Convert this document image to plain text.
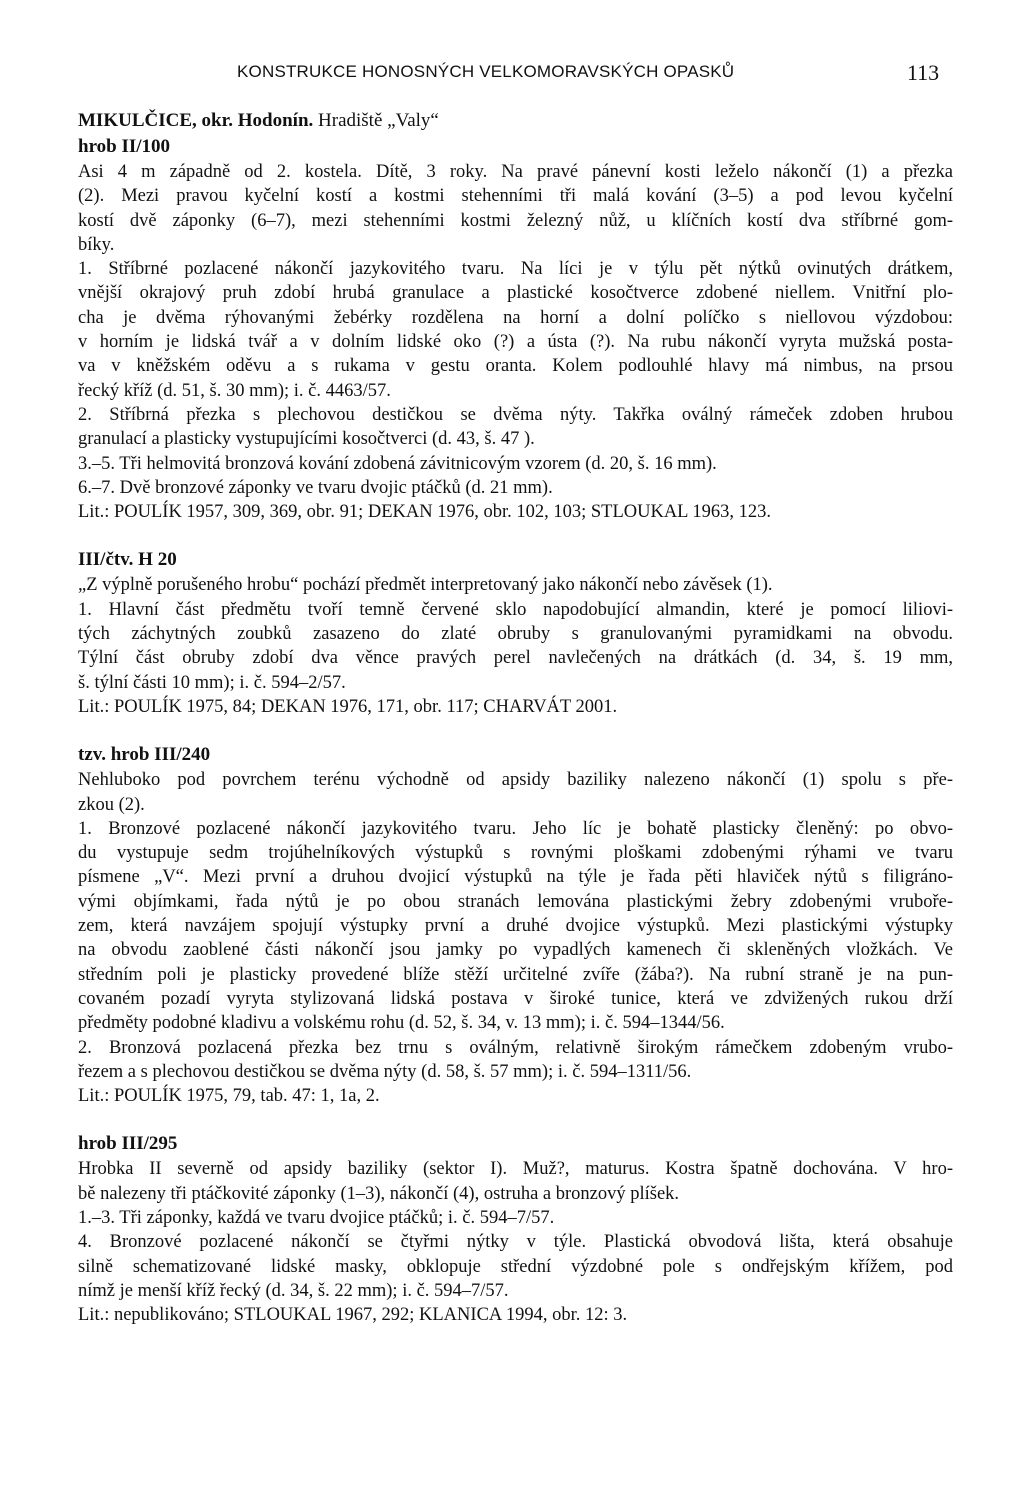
KONSTRUKCE HONOSNÝCH VELKOMORAVSKÝCH OPASKŮ	113

MIKULČICE, okr. Hodonín. Hradiště „Valy“

hrob II/100

Asi 4 m západně od 2. kostela. Dítě, 3 roky. Na pravé pánevní kosti leželo nákončí (1) a přezka

(2). Mezi pravou kyčelní kostí a kostmi stehenními tři malá kování (3–5) a pod levou kyčelní

kostí dvě záponky (6–7), mezi stehenními kostmi železný nůž, u klíčních kostí dva stříbrné gom-

bíky.

1. Stříbrné pozlacené nákončí jazykovitého tvaru. Na líci je v týlu pět nýtků ovinutých drátkem,

vnější okrajový pruh zdobí hrubá granulace a plastické kosočtverce zdobené niellem. Vnitřní plo-

cha je dvěma rýhovanými žebérky rozdělena na horní a dolní políčko s niellovou výzdobou:

v horním je lidská tvář a v dolním lidské oko (?) a ústa (?). Na rubu nákončí vyryta mužská posta-

va v kněžském oděvu a s rukama v gestu oranta. Kolem podlouhlé hlavy má nimbus, na prsou

řecký kříž (d. 51, š. 30 mm); i. č. 4463/57.

2. Stříbrná přezka s plechovou destičkou se dvěma nýty. Takřka oválný rámeček zdoben hrubou

granulací a plasticky vystupujícími kosočtverci (d. 43, š. 47 ).

3.–5. Tři helmovitá bronzová kování zdobená závitnicovým vzorem (d. 20, š. 16 mm).

6.–7. Dvě bronzové záponky ve tvaru dvojic ptáčků (d. 21 mm).

Lit.: POULÍK 1957, 309, 369, obr. 91; DEKAN 1976, obr. 102, 103; STLOUKAL 1963, 123.

III/čtv. H 20

„Z výplně porušeného hrobu“ pochází předmět interpretovaný jako nákončí nebo závěsek (1).

1. Hlavní část předmětu tvoří temně červené sklo napodobující almandin, které je pomocí liliovi-

tých záchytných zoubků zasazeno do zlaté obruby s granulovanými pyramidkami na obvodu.

Týlní část obruby zdobí dva věnce pravých perel navlečených na drátkách (d. 34, š. 19 mm,

š. týlní části 10 mm); i. č. 594–2/57.

Lit.: POULÍK 1975, 84; DEKAN 1976, 171, obr. 117; CHARVÁT 2001.

tzv. hrob III/240

Nehluboko pod povrchem terénu východně od apsidy baziliky nalezeno nákončí (1) spolu s pře-

zkou (2).

1. Bronzové pozlacené nákončí jazykovitého tvaru. Jeho líc je bohatě plasticky členěný: po obvo-

du vystupuje sedm trojúhelníkových výstupků s rovnými ploškami zdobenými rýhami ve tvaru

písmene „V“. Mezi první a druhou dvojicí výstupků na týle je řada pěti hlaviček nýtů s filigráno-

vými objímkami, řada nýtů je po obou stranách lemována plastickými žebry zdobenými vruboře-

zem, která navzájem spojují výstupky první a druhé dvojice výstupků. Mezi plastickými výstupky

na obvodu zaoblené části nákončí jsou jamky po vypadlých kamenech či skleněných vložkách. Ve

středním poli je plasticky provedené blíže stěží určitelné zvíře (žába?). Na rubní straně je na pun-

covaném pozadí vyryta stylizovaná lidská postava v široké tunice, která ve zdvižených rukou drží

předměty podobné kladivu a volskému rohu (d. 52, š. 34, v. 13 mm); i. č. 594–1344/56.

2. Bronzová pozlacená přezka bez trnu s oválným, relativně širokým rámečkem zdobeným vrubo-

řezem a s plechovou destičkou se dvěma nýty (d. 58, š. 57 mm); i. č. 594–1311/56.

Lit.: POULÍK 1975, 79, tab. 47: 1, 1a, 2.

hrob III/295

Hrobka II severně od apsidy baziliky (sektor I). Muž?, maturus. Kostra špatně dochována. V hro-

bě nalezeny tři ptáčkovité záponky (1–3), nákončí (4), ostruha a bronzový plíšek.

1.–3. Tři záponky, každá ve tvaru dvojice ptáčků; i. č. 594–7/57.

4. Bronzové pozlacené nákončí se čtyřmi nýtky v týle. Plastická obvodová lišta, která obsahuje

silně schematizované lidské masky, obklopuje střední výzdobné pole s ondřejským křížem, pod

nímž je menší kříž řecký (d. 34, š. 22 mm); i. č. 594–7/57.

Lit.: nepublikováno; STLOUKAL 1967, 292; KLANICA 1994, obr. 12: 3.
